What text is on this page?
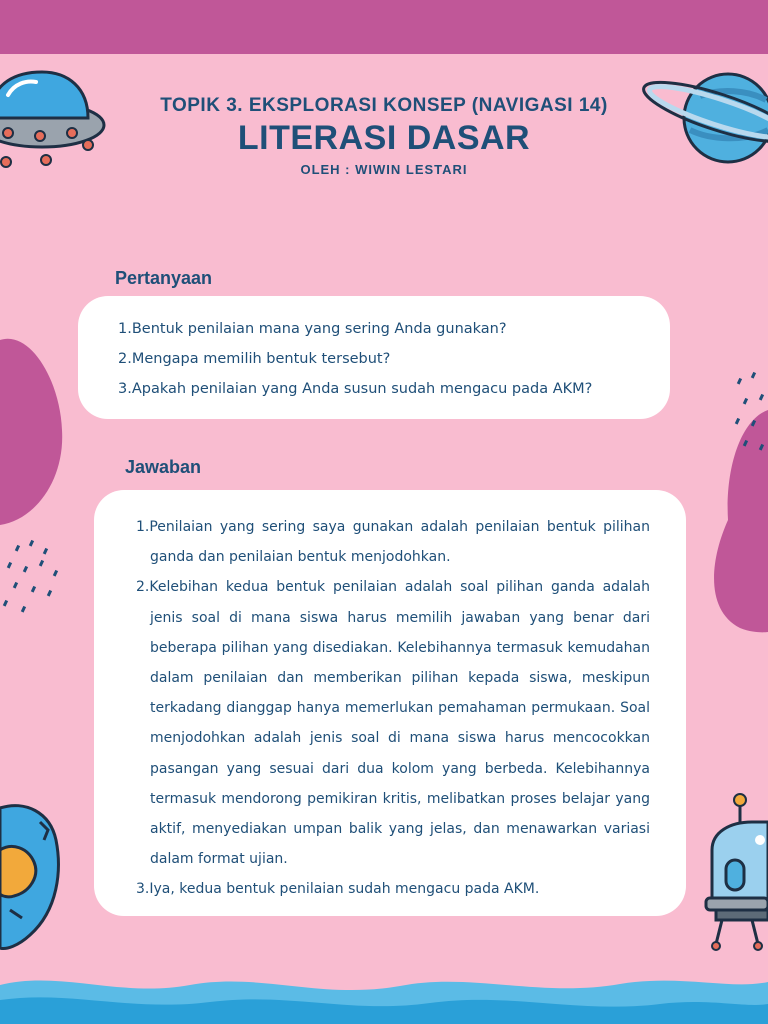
TOPIK 3. EKSPLORASI KONSEP (NAVIGASI 14)
LITERASI DASAR
OLEH : WIWIN LESTARI
Pertanyaan
1.Bentuk penilaian mana yang sering Anda gunakan?
2.Mengapa memilih bentuk tersebut?
3.Apakah penilaian yang Anda susun sudah mengacu pada AKM?
Jawaban
1.Penilaian yang sering saya gunakan adalah penilaian bentuk pilihan ganda dan penilaian bentuk menjodohkan.
2.Kelebihan kedua bentuk penilaian adalah soal pilihan ganda adalah jenis soal di mana siswa harus memilih jawaban yang benar dari beberapa pilihan yang disediakan. Kelebihannya termasuk kemudahan dalam penilaian dan memberikan pilihan kepada siswa, meskipun terkadang dianggap hanya memerlukan pemahaman permukaan. Soal menjodohkan adalah jenis soal di mana siswa harus mencocokkan pasangan yang sesuai dari dua kolom yang berbeda. Kelebihannya termasuk mendorong pemikiran kritis, melibatkan proses belajar yang aktif, menyediakan umpan balik yang jelas, dan menawarkan variasi dalam format ujian.
3.Iya, kedua bentuk penilaian sudah mengacu pada AKM.
